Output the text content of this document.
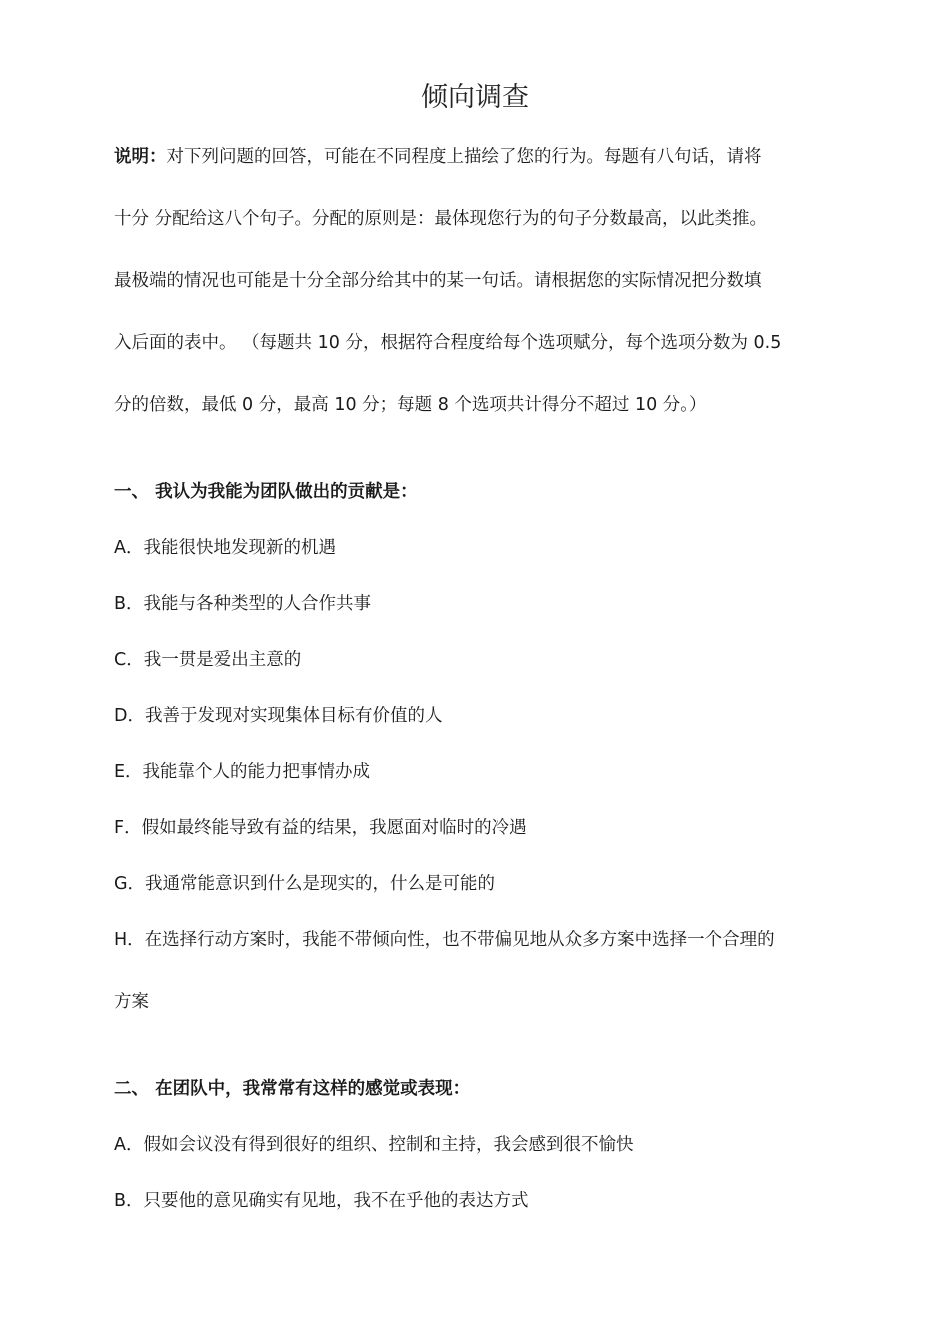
倾向调查
说明：对下列问题的回答，可能在不同程度上描绘了您的行为。每题有八句话，请将
十分 分配给这八个句子。分配的原则是：最体现您行为的句子分数最高，以此类推。
最极端的情况也可能是十分全部分给其中的某一句话。请根据您的实际情况把分数填
入后面的表中。 （每题共 10 分，根据符合程度给每个选项赋分，每个选项分数为 0.5
分的倍数，最低 0 分，最高 10 分；每题 8 个选项共计得分不超过 10 分。）
一、 我认为我能为团队做出的贡献是：
A．我能很快地发现新的机遇
B．我能与各种类型的人合作共事
C．我一贯是爱出主意的
D．我善于发现对实现集体目标有价值的人
E．我能靠个人的能力把事情办成
F．假如最终能导致有益的结果，我愿面对临时的冷遇
G．我通常能意识到什么是现实的，什么是可能的
H．在选择行动方案时，我能不带倾向性，也不带偏见地从众多方案中选择一个合理的
方案
二、 在团队中，我常常有这样的感觉或表现：
A．假如会议没有得到很好的组织、控制和主持，我会感到很不愉快
B．只要他的意见确实有见地，我不在乎他的表达方式
